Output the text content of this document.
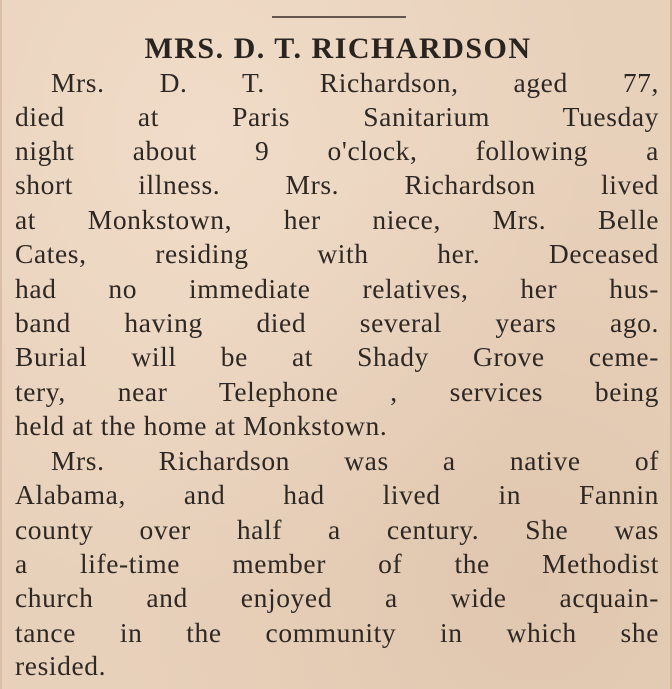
MRS. D. T. RICHARDSON
Mrs. D. T. Richardson, aged 77,
died at Paris Sanitarium Tuesday
night about 9 o'clock, following a
short illness. Mrs. Richardson lived
at Monkstown, her niece, Mrs. Belle
Cates, residing with her. Deceased
had no immediate relatives, her hus-
band having died several years ago.
Burial will be at Shady Grove ceme-
tery, near Telephone , services being
held at the home at Monkstown.
Mrs. Richardson was a native of
Alabama, and had lived in Fannin
county over half a century. She was
a life-time member of the Methodist
church and enjoyed a wide acquain-
tance in the community in which she
resided.
